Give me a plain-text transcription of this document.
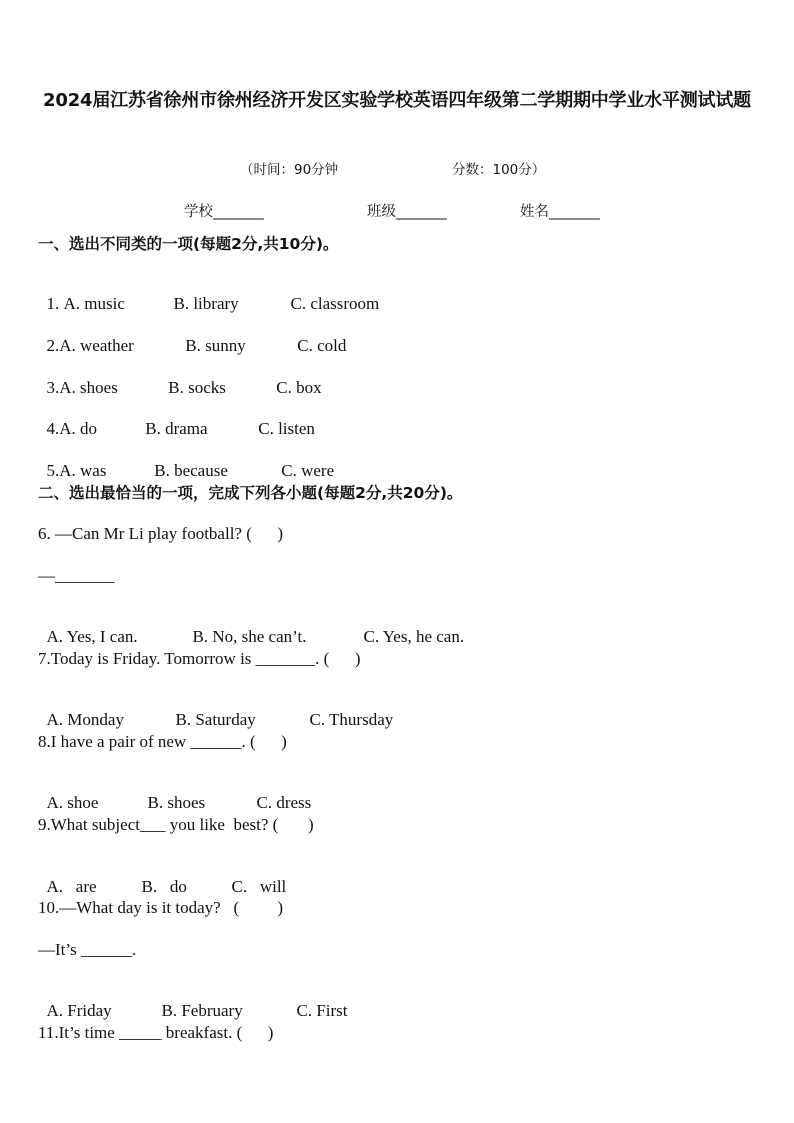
2024届江苏省徐州市徐州经济开发区实验学校英语四年级第二学期期中学业水平测试试题
（时间：90分钟	分数：100分）
学校_______	班级_______	姓名_______
一、选出不同类的一项(每题2分,共10分)。

1. A. music	B. library	C. classroom

2.A. weather	B. sunny	C. cold

3.A. shoes	B. socks	C. box

4.A. do	B. drama	C. listen

5.A. was	B. because	C. were

二、选出最恰当的一项，完成下列各小题(每题2分,共20分)。
6. —Can Mr Li play football? (      )
—_______

A. Yes, I can.	B. No, she can’t.	C. Yes, he can.

7.Today is Friday. Tomorrow is _______. (      )

A. Monday	B. Saturday	C. Thursday

8.I have a pair of new ______. (      )

A. shoe	B. shoes	C. dress

9.What subject___ you like  best? (       )

A.   are	B.   do	C.   will

10.—What day is it today?   (         )
—It’s ______.

A. Friday	B. February	C. First

11.It’s time _____ breakfast. (      )
